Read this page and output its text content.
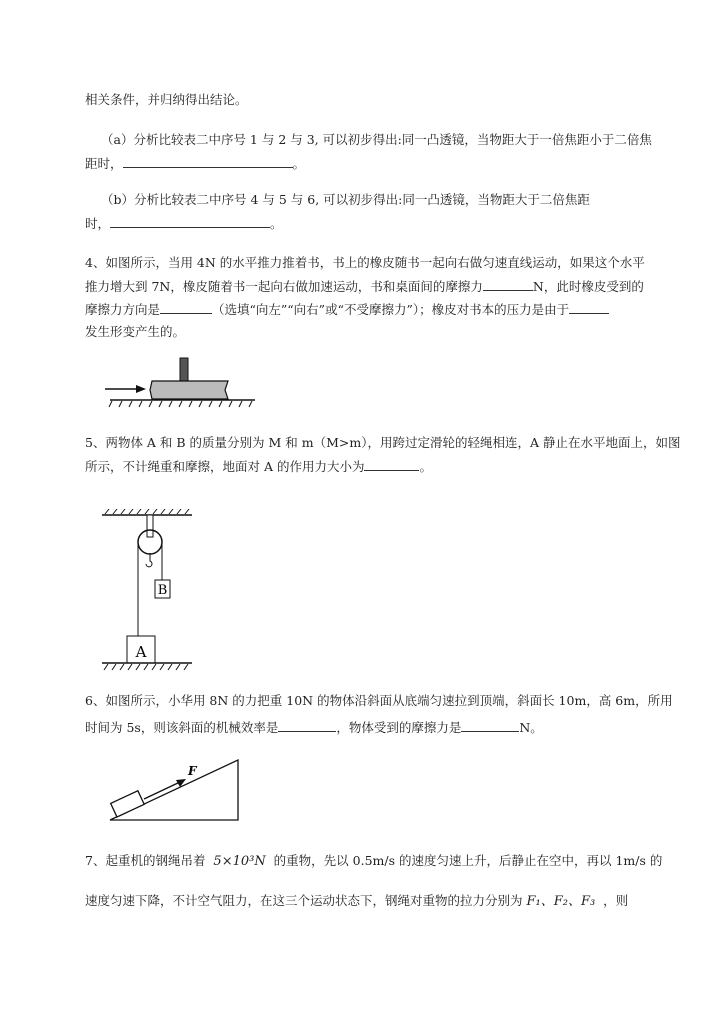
相关条件，并归纳得出结论。
（a）分析比较表二中序号 1 与 2 与 3, 可以初步得出:同一凸透镜，当物距大于一倍焦距小于二倍焦
距时，	。
（b）分析比较表二中序号 4 与 5 与 6, 可以初步得出:同一凸透镜，当物距大于二倍焦距
时，	。
4、如图所示，当用 4N 的水平推力推着书，书上的橡皮随书一起向右做匀速直线运动，如果这个水平
推力增大到 7N，橡皮随着书一起向右做加速运动，书和桌面间的摩擦力	N，此时橡皮受到的
摩擦力方向是	（选填“向左”“向右”或“不受摩擦力”）；橡皮对书本的压力是由于
发生形变产生的。
5、两物体 A 和 B 的质量分别为 M 和 m（M>m），用跨过定滑轮的轻绳相连，A 静止在水平地面上，如图
所示，不计绳重和摩擦，地面对 A 的作用力大小为	。
B
A
6、如图所示，小华用 8N 的力把重 10N 的物体沿斜面从底端匀速拉到顶端，斜面长 10m，高 6m，所用
时间为 5s，则该斜面的机械效率是	，物体受到的摩擦力是	N。
F
7、起重机的钢绳吊着 5×10³N 的重物，先以 0.5m/s 的速度匀速上升，后静止在空中，再以 1m/s 的
速度匀速下降，不计空气阻力，在这三个运动状态下，钢绳对重物的拉力分别为 F₁、F₂、F₃ ，则
